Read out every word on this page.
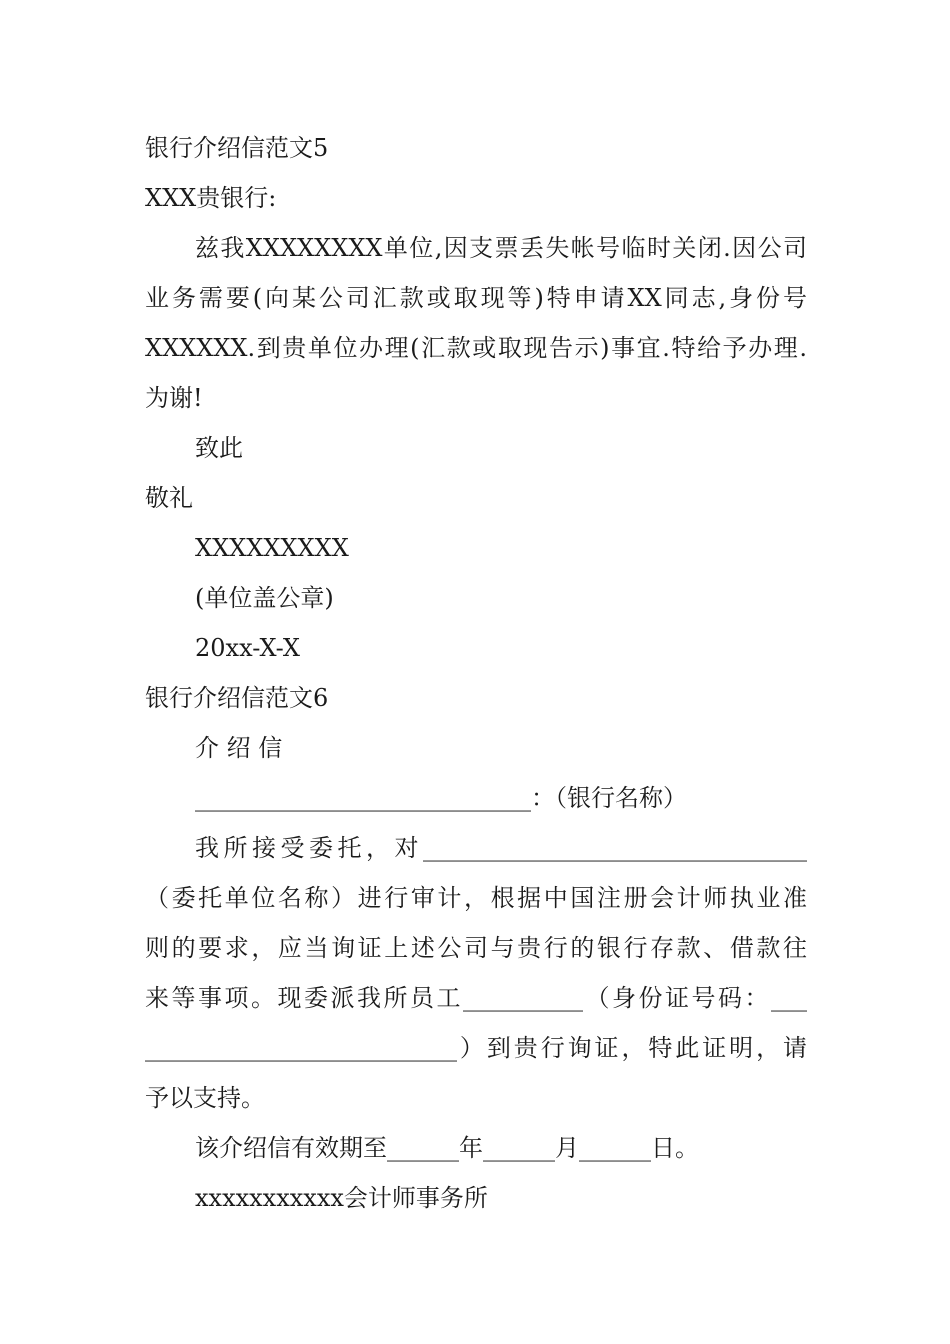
银行介绍信范文5
XXX贵银行:
兹我XXXXXXXX单位,因支票丢失帐号临时关闭.因公司
业务需要(向某公司汇款或取现等)特申请XX同志,身份号
XXXXXX.到贵单位办理(汇款或取现告示)事宜.特给予办理.
为谢!
致此
敬礼
XXXXXXXXX
(单位盖公章)
20xx-X-X
银行介绍信范文6
介 绍 信
____________________________：（银行名称）
我所接受委托，对________________________________
（委托单位名称）进行审计，根据中国注册会计师执业准
则的要求，应当询证上述公司与贵行的银行存款、借款往
来等事项。现委派我所员工__________（身份证号码：___
__________________________）到贵行询证，特此证明，请
予以支持。
该介绍信有效期至______年______月______日。
xxxxxxxxxxx会计师事务所
